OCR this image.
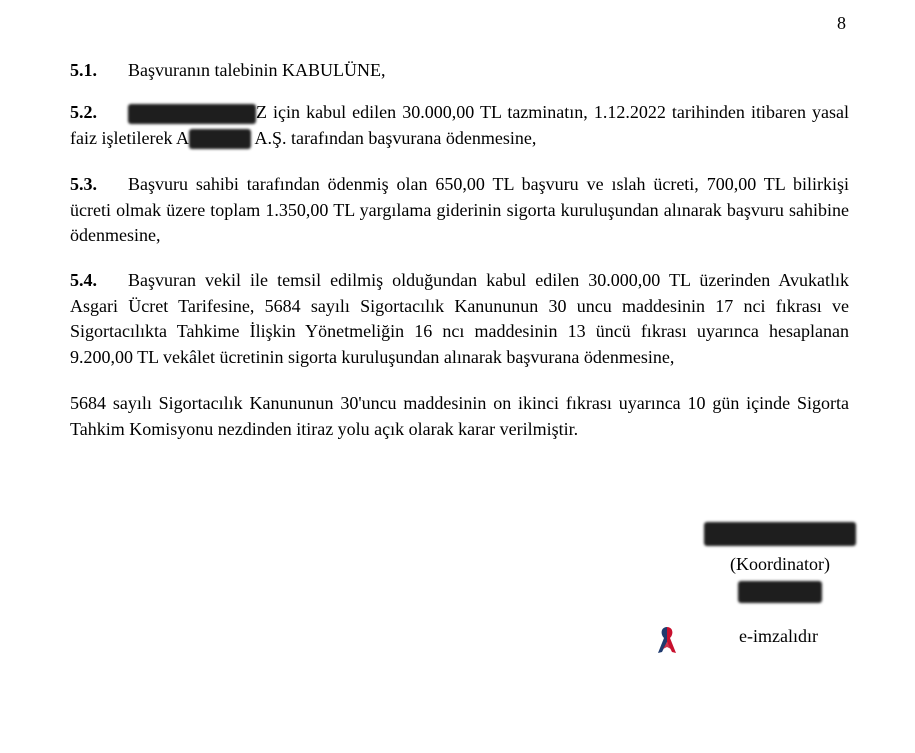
8
5.1. Başvuranın talebinin KABULÜNE,
5.2.	Z için kabul edilen 30.000,00 TL tazminatın, 1.12.2022 tarihinden itibaren yasal faiz işletilerek A	A.Ş. tarafından başvurana ödenmesine,
5.3. Başvuru sahibi tarafından ödenmiş olan 650,00 TL başvuru ve ıslah ücreti, 700,00 TL bilirkişi ücreti olmak üzere toplam 1.350,00 TL yargılama giderinin sigorta kuruluşundan alınarak başvuru sahibine ödenmesine,
5.4. Başvuran vekil ile temsil edilmiş olduğundan kabul edilen 30.000,00 TL üzerinden Avukatlık Asgari Ücret Tarifesine, 5684 sayılı Sigortacılık Kanununun 30 uncu maddesinin 17 nci fıkrası ve Sigortacılıkta Tahkime İlişkin Yönetmeliğin 16 ncı maddesinin 13 üncü fıkrası uyarınca hesaplanan 9.200,00 TL vekâlet ücretinin sigorta kuruluşundan alınarak başvurana ödenmesine,
5684 sayılı Sigortacılık Kanununun 30'uncu maddesinin on ikinci fıkrası uyarınca 10 gün içinde Sigorta Tahkim Komisyonu nezdinden itiraz yolu açık olarak karar verilmiştir.
(Koordinator)
e-imzalıdır
